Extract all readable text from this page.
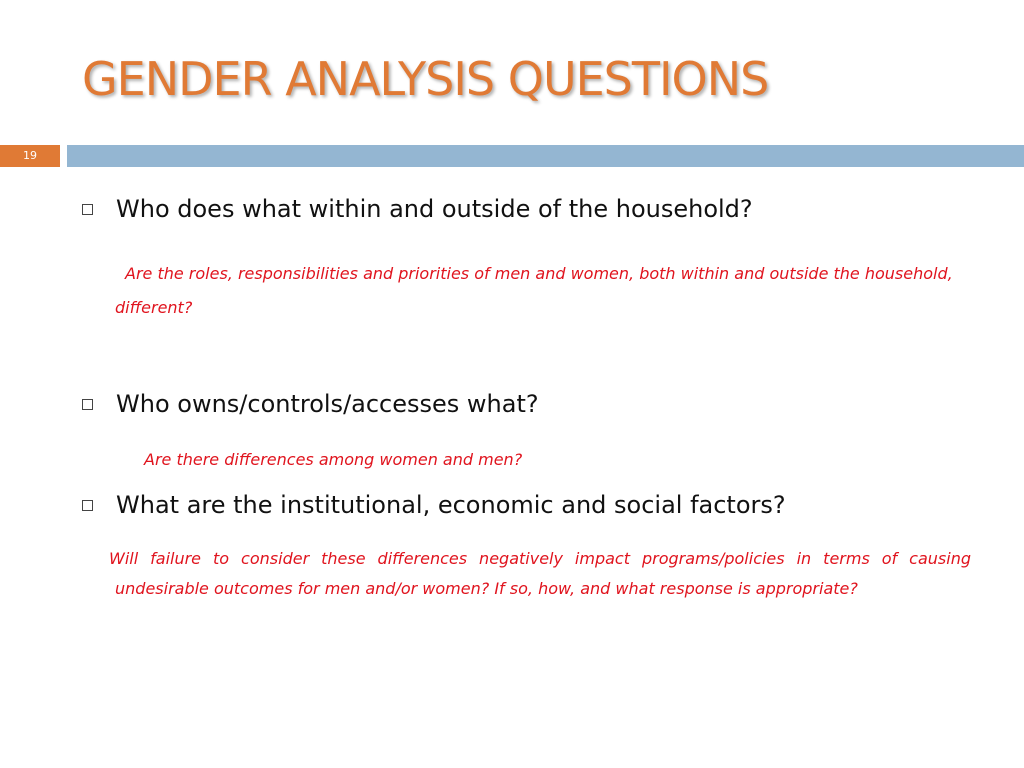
GENDER ANALYSIS QUESTIONS
19
Who does what within and outside of the household?
Are the roles, responsibilities and priorities of men and women, both within and outside the household, different?
Who owns/controls/accesses what?
Are there differences among women and men?
What are the institutional, economic and social factors?
Will failure to consider these differences negatively impact programs/policies in terms of causing undesirable outcomes for men and/or women? If so, how, and what response is appropriate?
